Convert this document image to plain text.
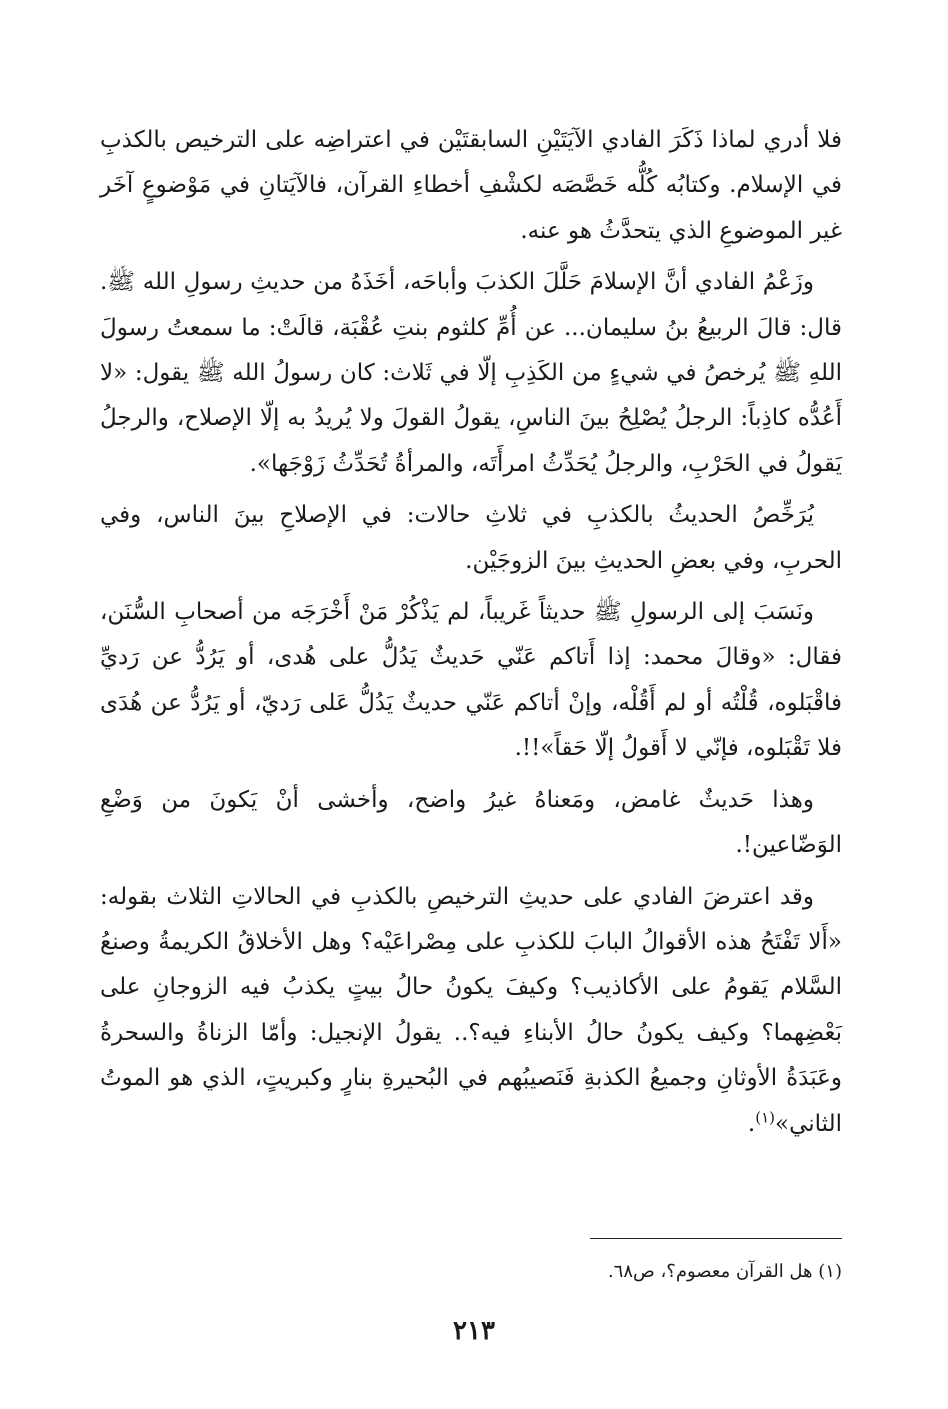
فلا أدري لماذا ذَكَرَ الفادي الآيَتَيْنِ السابقتَيْن في اعتراضِه على الترخيص بالكذبِ في الإسلام. وكتابُه كُلُّه خَصَّصَه لكشْفِ أخطاءِ القرآن، فالآيَتانِ في مَوْضوعٍ آخَر غير الموضوعِ الذي يتحدَّثُ هو عنه.

وزَعْمُ الفادي أنَّ الإسلامَ حَلَّلَ الكذبَ وأباحَه، أخَذَهُ من حديثِ رسولِ الله ﷺ. قال: قالَ الربيعُ بنُ سليمان... عن أُمِّ كلثوم بنتِ عُقْبَة، قالَتْ: ما سمعتُ رسولَ اللهِ ﷺ يُرخصُ في شيءٍ من الكَذِبِ إلّا في ثَلاث: كان رسولُ الله ﷺ يقول: «لا أَعُدُّه كاذِباً: الرجلُ يُصْلِحُ بينَ الناسِ، يقولُ القولَ ولا يُريدُ به إلّا الإصلاح، والرجلُ يَقولُ في الحَرْبِ، والرجلُ يُحَدِّثُ امرأَتَه، والمرأةُ تُحَدِّثُ زَوْجَها».

يُرَخِّصُ الحديثُ بالكذبِ في ثلاثِ حالات: في الإصلاحِ بينَ الناس، وفي الحربِ، وفي بعضِ الحديثِ بينَ الزوجَيْن.

ونَسَبَ إلى الرسولِ ﷺ حديثاً غَريباً، لم يَذْكُرْ مَنْ أَخْرَجَه من أصحابِ السُّنَن، فقال: «وقالَ محمد: إذا أَتاكم عَنّي حَديثٌ يَدُلُّ على هُدى، أو يَرُدُّ عن رَديِّ فاقْبَلوه، قُلْتُه أو لم أَقُلْه، وإنْ أتاكم عَنّي حديثٌ يَدُلُّ عَلى رَديّ، أو يَرُدُّ عن هُدَى فلا تَقْبَلوه، فإنّي لا أَقولُ إلّا حَقاً»!!.

وهذا حَديثٌ غامض، ومَعناهُ غيرُ واضح، وأخشى أنْ يَكونَ من وَضْعِ الوَضّاعين!.

وقد اعترضَ الفادي على حديثِ الترخيصِ بالكذبِ في الحالاتِ الثلاث بقوله: «أَلا تَفْتَحُ هذه الأقوالُ البابَ للكذبِ على مِصْراعَيْه؟ وهل الأخلاقُ الكريمةُ وصنعُ السَّلام يَقومُ على الأكاذيب؟ وكيفَ يكونُ حالُ بيتٍ يكذبُ فيه الزوجانِ على بَعْضِهما؟ وكيف يكونُ حالُ الأبناءِ فيه؟.. يقولُ الإنجيل: وأمّا الزناةُ والسحرةُ وعَبَدَةُ الأوثانِ وجميعُ الكذبةِ فَنَصيبُهم في البُحيرةِ بنارٍ وكبريتٍ، الذي هو الموتُ الثاني»$^{(١)}$.

(١) هل القرآن معصوم؟، ص٦٨.
٢١٣
